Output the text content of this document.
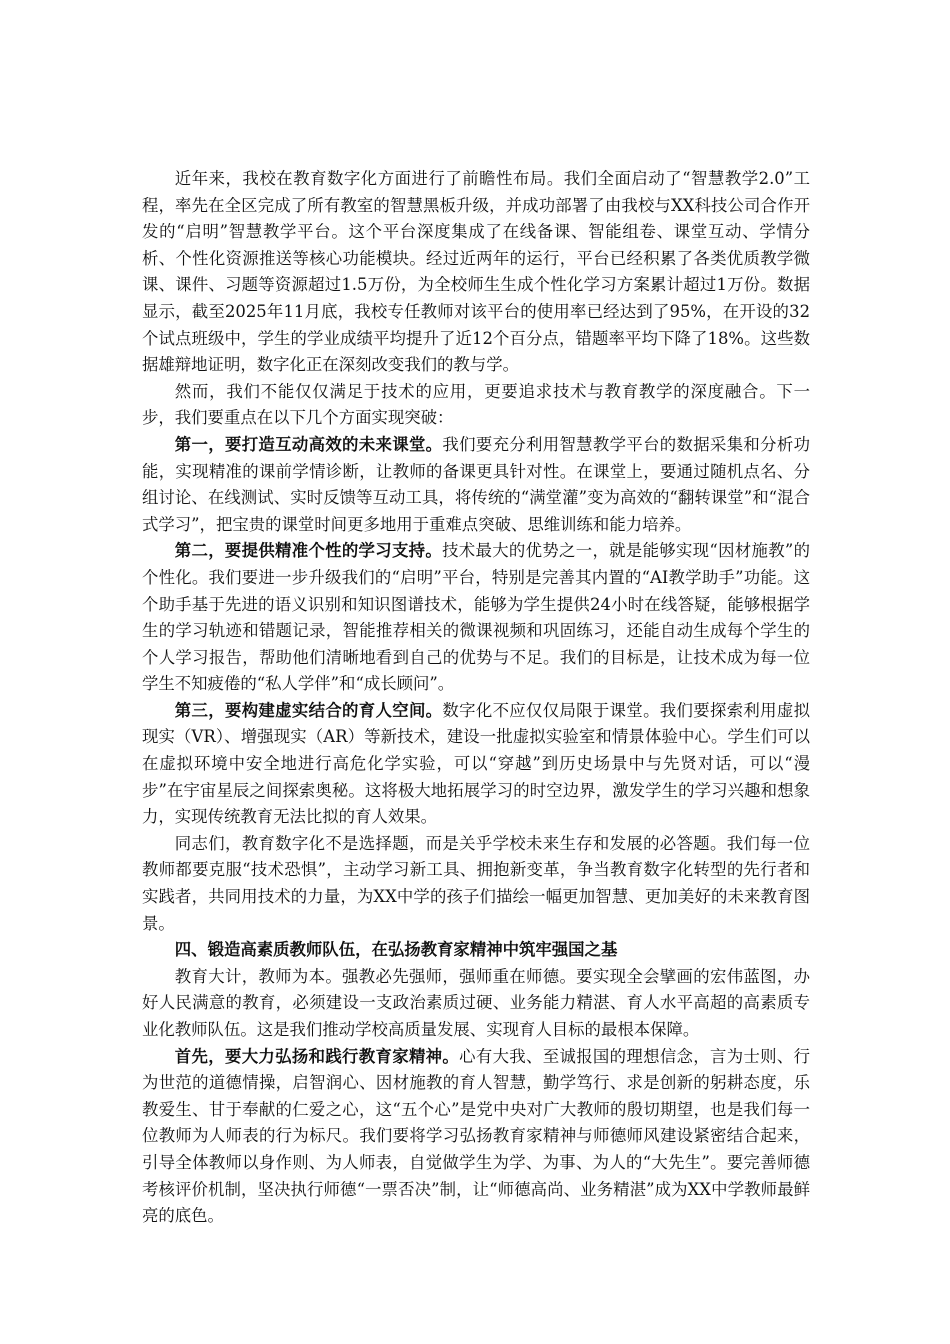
近年来，我校在教育数字化方面进行了前瞻性布局。我们全面启动了“智慧教学2.0”工程，率先在全区完成了所有教室的智慧黑板升级，并成功部署了由我校与XX科技公司合作开发的“启明”智慧教学平台。这个平台深度集成了在线备课、智能组卷、课堂互动、学情分析、个性化资源推送等核心功能模块。经过近两年的运行，平台已经积累了各类优质教学微课、课件、习题等资源超过1.5万份，为全校师生生成个性化学习方案累计超过1万份。数据显示，截至2025年11月底，我校专任教师对该平台的使用率已经达到了95%，在开设的32个试点班级中，学生的学业成绩平均提升了近12个百分点，错题率平均下降了18%。这些数据雄辩地证明，数字化正在深刻改变我们的教与学。

然而，我们不能仅仅满足于技术的应用，更要追求技术与教育教学的深度融合。下一步，我们要重点在以下几个方面实现突破：

第一，要打造互动高效的未来课堂。我们要充分利用智慧教学平台的数据采集和分析功能，实现精准的课前学情诊断，让教师的备课更具针对性。在课堂上，要通过随机点名、分组讨论、在线测试、实时反馈等互动工具，将传统的“满堂灌”变为高效的“翻转课堂”和“混合式学习”，把宝贵的课堂时间更多地用于重难点突破、思维训练和能力培养。

第二，要提供精准个性的学习支持。技术最大的优势之一，就是能够实现“因材施教”的个性化。我们要进一步升级我们的“启明”平台，特别是完善其内置的“AI教学助手”功能。这个助手基于先进的语义识别和知识图谱技术，能够为学生提供24小时在线答疑，能够根据学生的学习轨迹和错题记录，智能推荐相关的微课视频和巩固练习，还能自动生成每个学生的个人学习报告，帮助他们清晰地看到自己的优势与不足。我们的目标是，让技术成为每一位学生不知疲倦的“私人学伴”和“成长顾问”。

第三，要构建虚实结合的育人空间。数字化不应仅仅局限于课堂。我们要探索利用虚拟现实（VR）、增强现实（AR）等新技术，建设一批虚拟实验室和情景体验中心。学生们可以在虚拟环境中安全地进行高危化学实验，可以“穿越”到历史场景中与先贤对话，可以“漫步”在宇宙星辰之间探索奥秘。这将极大地拓展学习的时空边界，激发学生的学习兴趣和想象力，实现传统教育无法比拟的育人效果。

同志们，教育数字化不是选择题，而是关乎学校未来生存和发展的必答题。我们每一位教师都要克服“技术恐惧”，主动学习新工具、拥抱新变革，争当教育数字化转型的先行者和实践者，共同用技术的力量，为XX中学的孩子们描绘一幅更加智慧、更加美好的未来教育图景。

四、锻造高素质教师队伍，在弘扬教育家精神中筑牢强国之基

教育大计，教师为本。强教必先强师，强师重在师德。要实现全会擘画的宏伟蓝图，办好人民满意的教育，必须建设一支政治素质过硬、业务能力精湛、育人水平高超的高素质专业化教师队伍。这是我们推动学校高质量发展、实现育人目标的最根本保障。

首先，要大力弘扬和践行教育家精神。心有大我、至诚报国的理想信念，言为士则、行为世范的道德情操，启智润心、因材施教的育人智慧，勤学笃行、求是创新的躬耕态度，乐教爱生、甘于奉献的仁爱之心，这“五个心”是党中央对广大教师的殷切期望，也是我们每一位教师为人师表的行为标尺。我们要将学习弘扬教育家精神与师德师风建设紧密结合起来，引导全体教师以身作则、为人师表，自觉做学生为学、为事、为人的“大先生”。要完善师德考核评价机制，坚决执行师德“一票否决”制，让“师德高尚、业务精湛”成为XX中学教师最鲜亮的底色。
